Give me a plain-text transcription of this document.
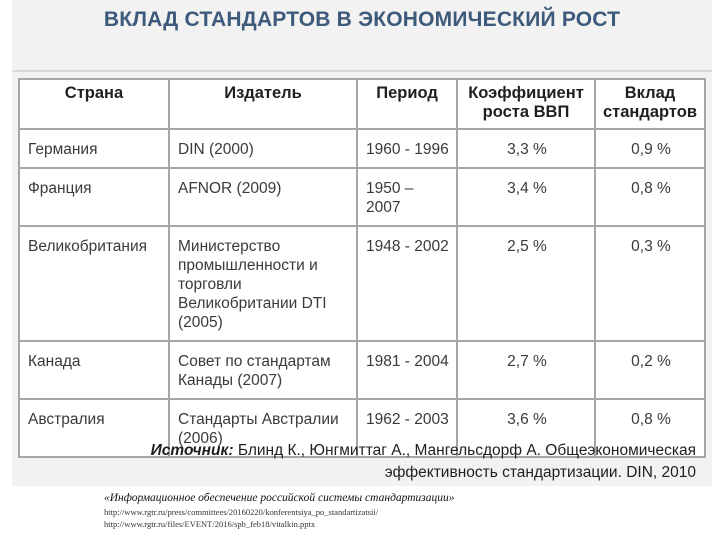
ВКЛАД СТАНДАРТОВ В ЭКОНОМИЧЕСКИЙ РОСТ
Страна	Издатель	Период	Коэффициент роста ВВП	Вклад стандартов
Германия	DIN (2000)	1960 - 1996	3,3 %	0,9 %
Франция	AFNOR (2009)	1950 – 2007	3,4 %	0,8 %
Великобритания	Министерство промышленности и торговли Великобритании DTI (2005)	1948 - 2002	2,5 %	0,3 %
Канада	Совет по стандартам Канады (2007)	1981 - 2004	2,7 %	0,2 %
Австралия	Стандарты Австралии (2006)	1962 - 2003	3,6 %	0,8 %
Источник: Блинд К., Юнгмиттаг А., Мангельсдорф А. Общеэкономическая
эффективность стандартизации. DIN, 2010
«Информационное обеспечение российской системы стандартизации»
http://www.rgtr.ru/press/committees/20160220/konferentsiya_po_standartizatsii/
http://www.rgtr.ru/files/EVENT/2016/spb_feb18/vitalkin.pptx
